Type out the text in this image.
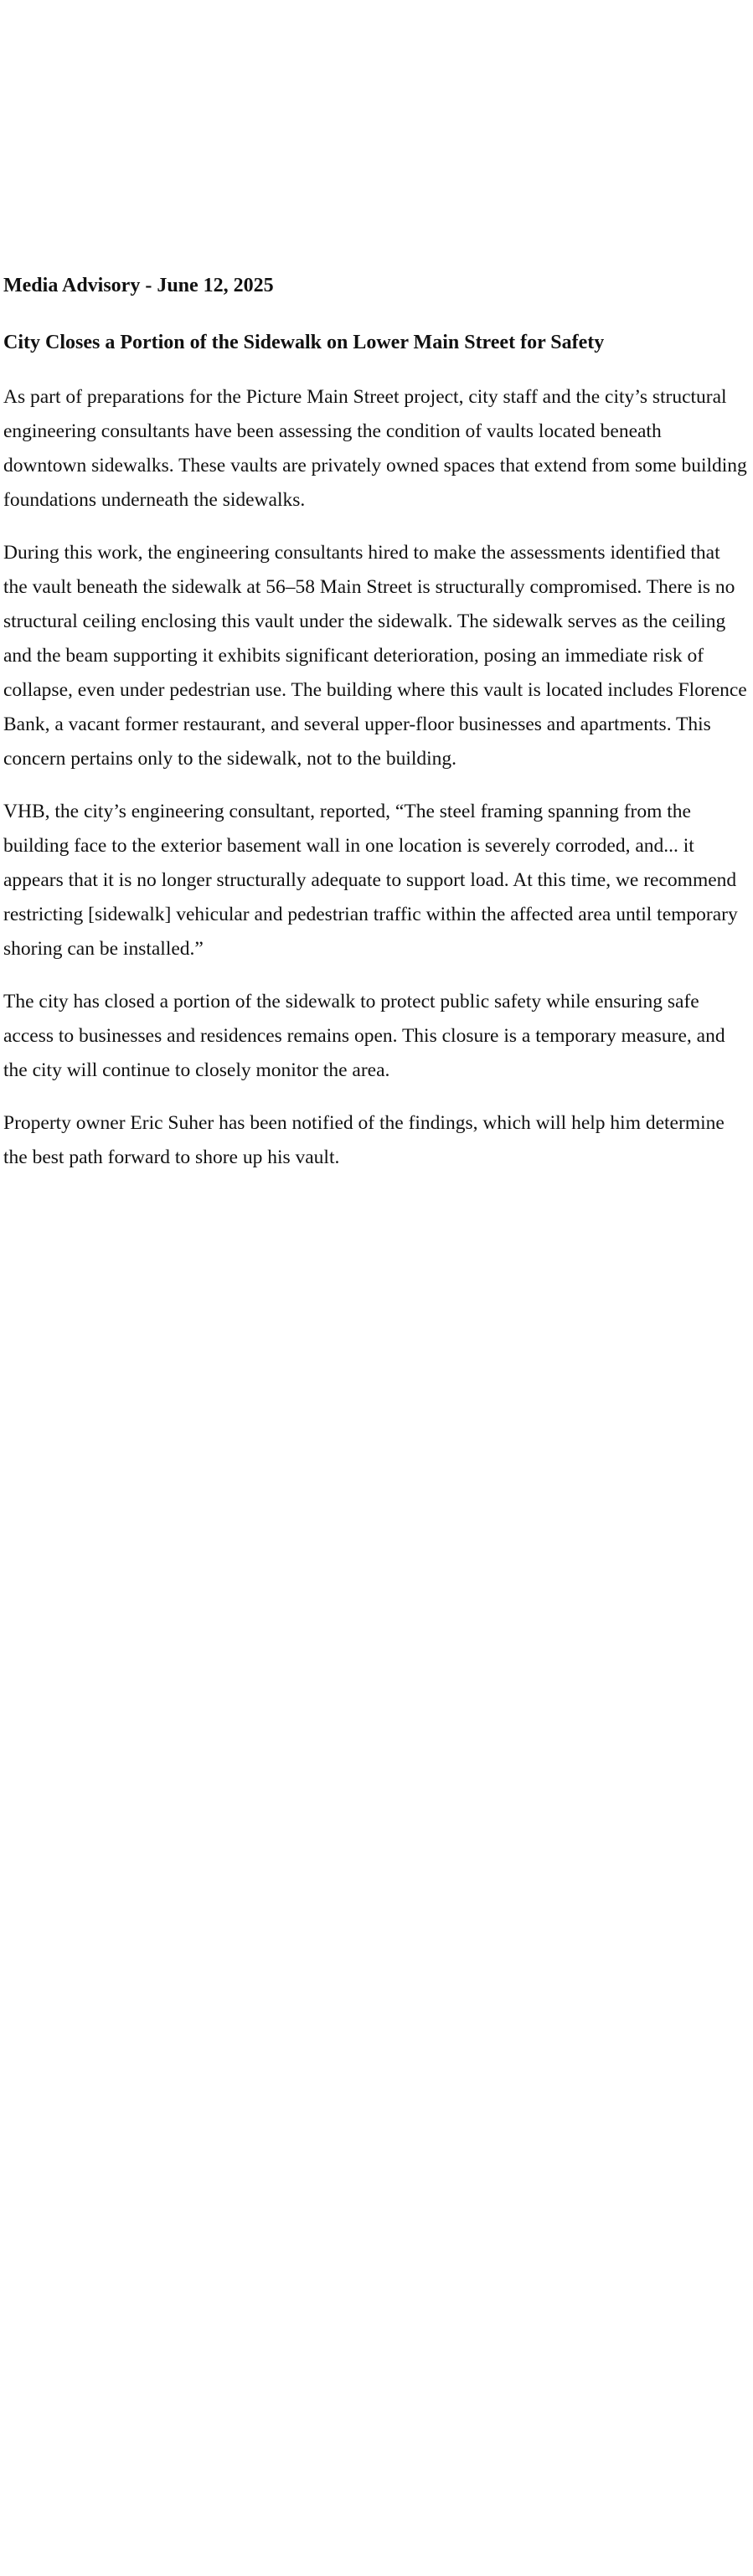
Media Advisory - June 12, 2025

City Closes a Portion of the Sidewalk on Lower Main Street for Safety

As part of preparations for the Picture Main Street project, city staff and the city’s structural engineering consultants have been assessing the condition of vaults located beneath downtown sidewalks. These vaults are privately owned spaces that extend from some building foundations underneath the sidewalks.

During this work, the engineering consultants hired to make the assessments identified that the vault beneath the sidewalk at 56–58 Main Street is structurally compromised. There is no structural ceiling enclosing this vault under the sidewalk. The sidewalk serves as the ceiling and the beam supporting it exhibits significant deterioration, posing an immediate risk of collapse, even under pedestrian use. The building where this vault is located includes Florence Bank, a vacant former restaurant, and several upper-floor businesses and apartments. This concern pertains only to the sidewalk, not to the building.

VHB, the city’s engineering consultant, reported, “The steel framing spanning from the building face to the exterior basement wall in one location is severely corroded, and... it appears that it is no longer structurally adequate to support load. At this time, we recommend restricting [sidewalk] vehicular and pedestrian traffic within the affected area until temporary shoring can be installed.”

The city has closed a portion of the sidewalk to protect public safety while ensuring safe access to businesses and residences remains open. This closure is a temporary measure, and the city will continue to closely monitor the area.

Property owner Eric Suher has been notified of the findings, which will help him determine the best path forward to shore up his vault.
